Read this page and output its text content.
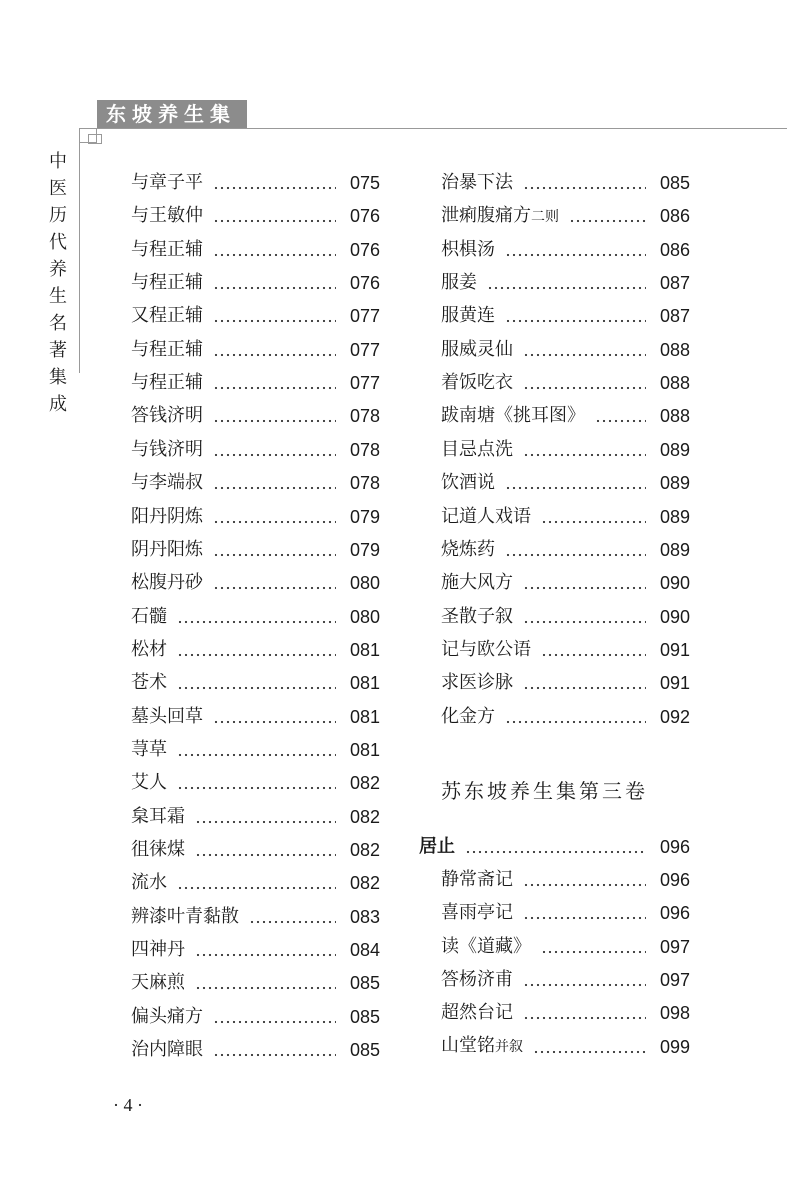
东坡养生集
中医历代养生名著集成
与章子平	075
与王敏仲	076
与程正辅	076
与程正辅	076
又程正辅	077
与程正辅	077
与程正辅	077
答钱济明	078
与钱济明	078
与李端叔	078
阳丹阴炼	079
阴丹阳炼	079
松腹丹砂	080
石髓	080
松材	081
苍术	081
墓头回草	081
荨草	081
艾人	082
枲耳霜	082
徂徕煤	082
流水	082
辨漆叶青黏散	083
四神丹	084
天麻煎	085
偏头痛方	085
治内障眼	085
治暴下法	085
泄痢腹痛方二则	086
枳椇汤	086
服姜	087
服黄连	087
服威灵仙	088
着饭吃衣	088
跋南塘《挑耳图》	088
目忌点洗	089
饮酒说	089
记道人戏语	089
烧炼药	089
施大风方	090
圣散子叙	090
记与欧公语	091
求医诊脉	091
化金方	092
居止	096
静常斋记	096
喜雨亭记	096
读《道藏》	097
答杨济甫	097
超然台记	098
山堂铭并叙	099
苏东坡养生集第三卷
· 4 ·
